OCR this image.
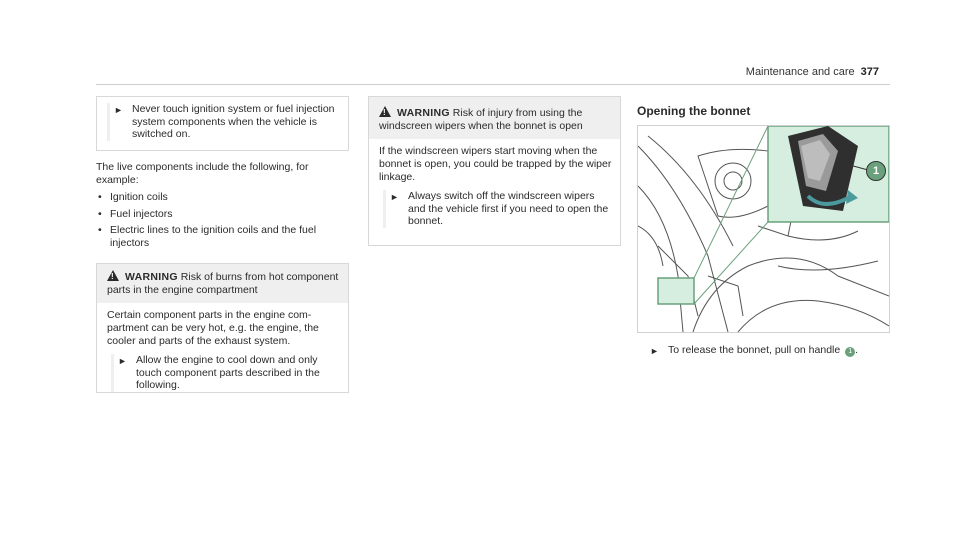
Maintenance and care 377
► Never touch ignition system or fuel injection system components when the vehicle is switched on.
The live components include the following, for example:
• Ignition coils
• Fuel injectors
• Electric lines to the ignition coils and the fuel injectors
!WARNING Risk of burns from hot component parts in the engine compartment
Certain component parts in the engine compartment can be very hot, e.g. the engine, the cooler and parts of the exhaust system.
► Allow the engine to cool down and only touch component parts described in the following.
!WARNING Risk of injury from using the windscreen wipers when the bonnet is open
If the windscreen wipers start moving when the bonnet is open, you could be trapped by the wiper linkage.
► Always switch off the windscreen wipers and the vehicle first if you need to open the bonnet.
Opening the bonnet
1
► To release the bonnet, pull on handle 1 .
